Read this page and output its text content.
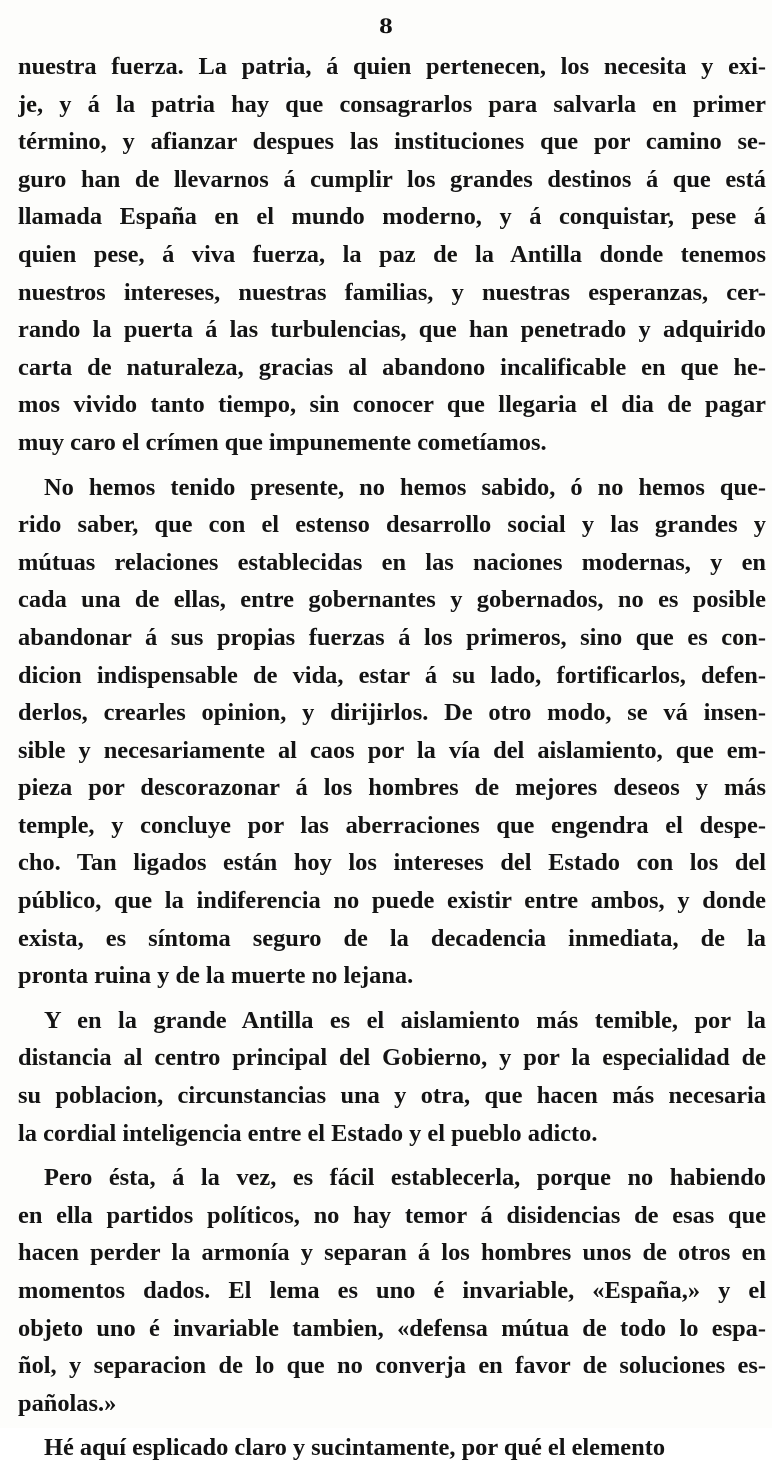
8
nuestra fuerza. La patria, á quien pertenecen, los necesita y exi-
je, y á la patria hay que consagrarlos para salvarla en primer
término, y afianzar despues las instituciones que por camino se-
guro han de llevarnos á cumplir los grandes destinos á que está
llamada España en el mundo moderno, y á conquistar, pese á
quien pese, á viva fuerza, la paz de la Antilla donde tenemos
nuestros intereses, nuestras familias, y nuestras esperanzas, cer-
rando la puerta á las turbulencias, que han penetrado y adquirido
carta de naturaleza, gracias al abandono incalificable en que he-
mos vivido tanto tiempo, sin conocer que llegaria el dia de pagar
muy caro el crímen que impunemente cometíamos.
No hemos tenido presente, no hemos sabido, ó no hemos que-
rido saber, que con el estenso desarrollo social y las grandes y
mútuas relaciones establecidas en las naciones modernas, y en
cada una de ellas, entre gobernantes y gobernados, no es posible
abandonar á sus propias fuerzas á los primeros, sino que es con-
dicion indispensable de vida, estar á su lado, fortificarlos, defen-
derlos, crearles opinion, y dirijirlos. De otro modo, se vá insen-
sible y necesariamente al caos por la vía del aislamiento, que em-
pieza por descorazonar á los hombres de mejores deseos y más
temple, y concluye por las aberraciones que engendra el despe-
cho. Tan ligados están hoy los intereses del Estado con los del
público, que la indiferencia no puede existir entre ambos, y donde
exista, es síntoma seguro de la decadencia inmediata, de la
pronta ruina y de la muerte no lejana.
Y en la grande Antilla es el aislamiento más temible, por la
distancia al centro principal del Gobierno, y por la especialidad de
su poblacion, circunstancias una y otra, que hacen más necesaria
la cordial inteligencia entre el Estado y el pueblo adicto.
Pero ésta, á la vez, es fácil establecerla, porque no habiendo
en ella partidos políticos, no hay temor á disidencias de esas que
hacen perder la armonía y separan á los hombres unos de otros en
momentos dados. El lema es uno é invariable, «España,» y el
objeto uno é invariable tambien, «defensa mútua de todo lo espa-
ñol, y separacion de lo que no converja en favor de soluciones es-
pañolas.»
Hé aquí esplicado claro y sucintamente, por qué el elemento
